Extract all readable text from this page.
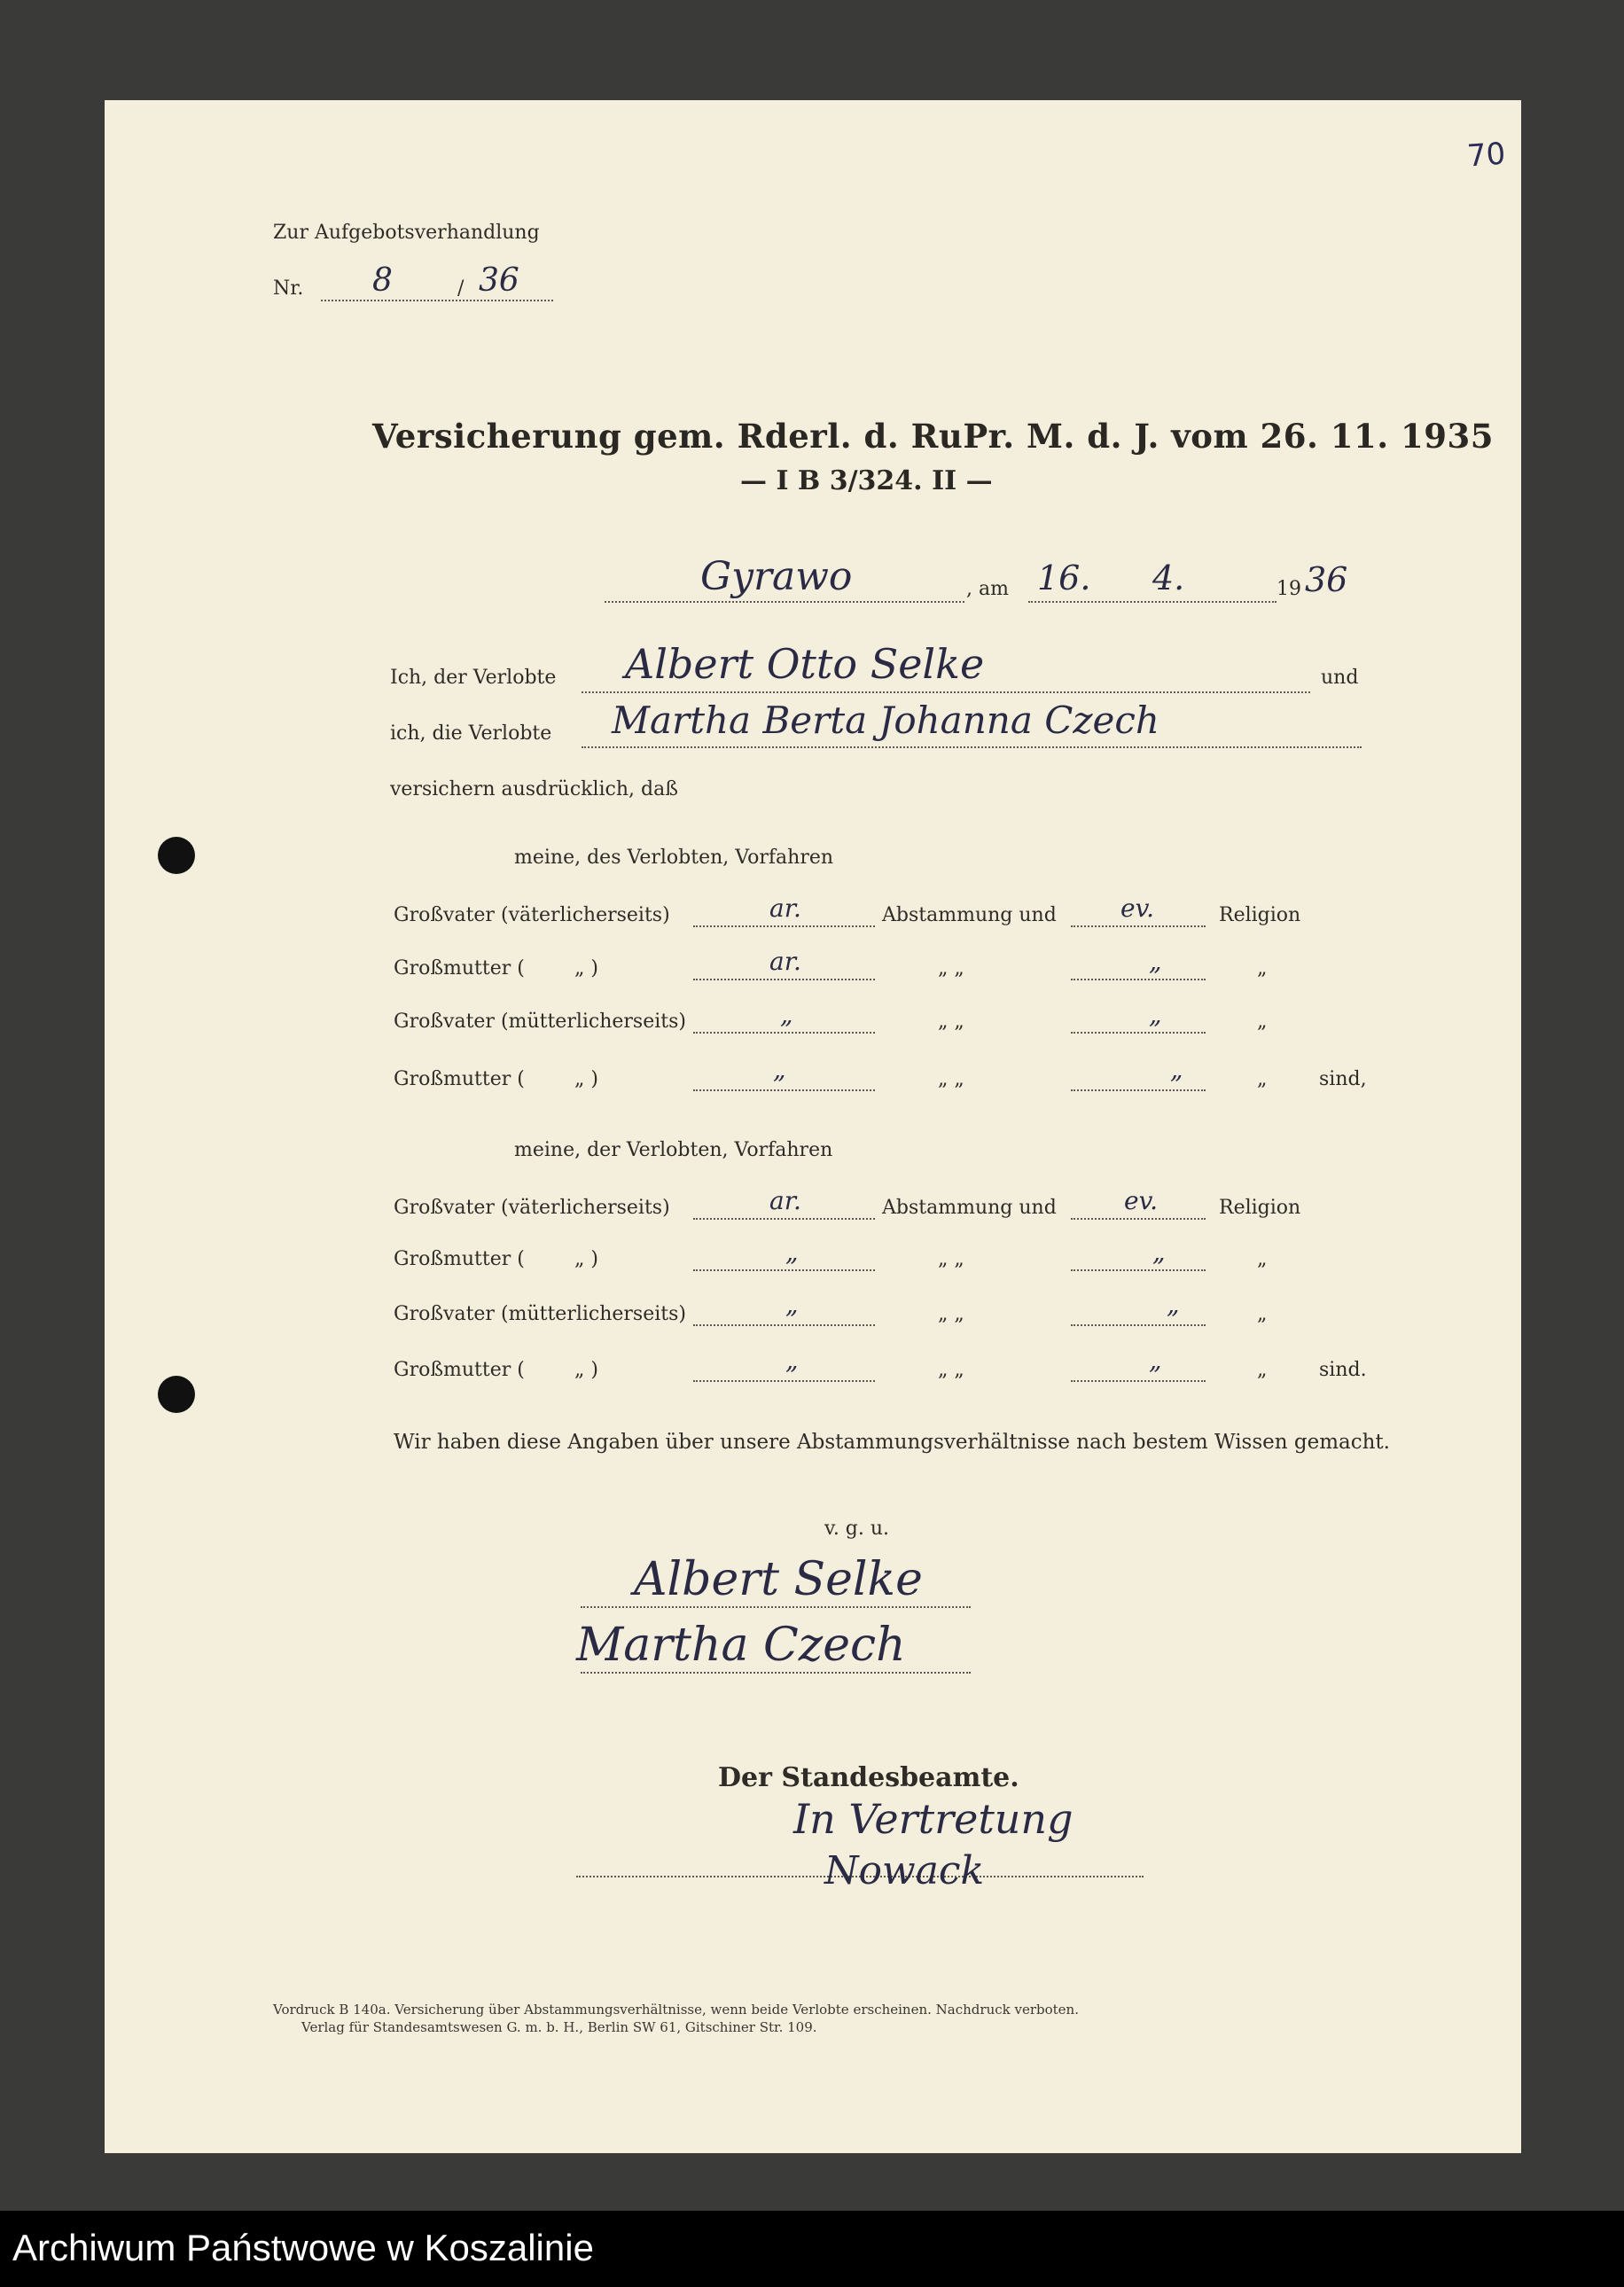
70
Zur Aufgebotsverhandlung
Nr. 8	36
/
Versicherung gem. Rderl. d. RuPr. M. d. J. vom 26. 11. 1935
— I B 3/324. II —
Gyrawo	, am 16. 4.	19 36
Ich, der Verlobte Albert Otto Selke	und
ich, die Verlobte Martha Berta Johanna Czech
versichern ausdrücklich, daß
meine, des Verlobten, Vorfahren
Großvater (väterlicherseits)	ar.	Abstammung und	ev.	Religion
Großmutter (	„ )	ar.	„ „	„	„
Großvater (mütterlicherseits)	„	„ „	„	„
Großmutter (	„ )	„	„ „	„	„	sind,
meine, der Verlobten, Vorfahren
Großvater (väterlicherseits)	ar.	Abstammung und	ev.	Religion
Großmutter (	„ )	„	„ „	„	„
Großvater (mütterlicherseits)	„	„ „	„	„
Großmutter (	„ )	„	„ „	„	„	sind.
Wir haben diese Angaben über unsere Abstammungsverhältnisse nach bestem Wissen gemacht.
v. g. u.
Albert Selke
Martha Czech
Der Standesbeamte.
In Vertretung
Nowack
Vordruck B 140a. Versicherung über Abstammungsverhältnisse, wenn beide Verlobte erscheinen. Nachdruck verboten.
Verlag für Standesamtswesen G. m. b. H., Berlin SW 61, Gitschiner Str. 109.
Archiwum Państwowe w Koszalinie
